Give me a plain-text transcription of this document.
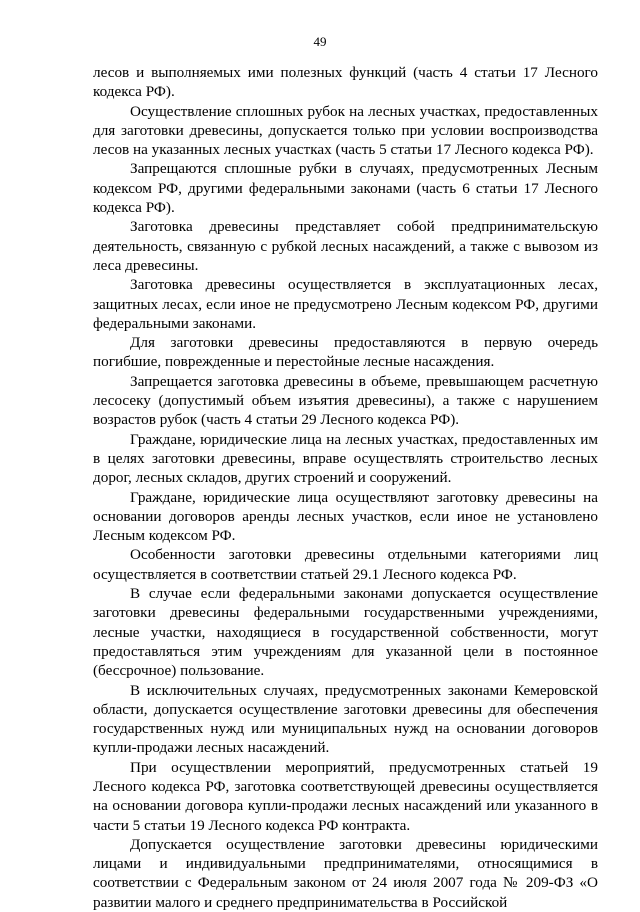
49

лесов и выполняемых ими полезных функций (часть 4 статьи 17 Лесного кодекса РФ).

Осуществление сплошных рубок на лесных участках, предоставленных для заготовки древесины, допускается только при условии воспроизводства лесов на указанных лесных участках (часть 5 статьи 17 Лесного кодекса РФ).

Запрещаются сплошные рубки в случаях, предусмотренных Лесным кодексом РФ, другими федеральными законами (часть 6 статьи 17 Лесного кодекса РФ).

Заготовка древесины представляет собой предпринимательскую деятельность, связанную с рубкой лесных насаждений, а также с вывозом из леса древесины.

Заготовка древесины осуществляется в эксплуатационных лесах, защитных лесах, если иное не предусмотрено Лесным кодексом РФ, другими федеральными законами.

Для заготовки древесины предоставляются в первую очередь погибшие, поврежденные и перестойные лесные насаждения.

Запрещается заготовка древесины в объеме, превышающем расчетную лесосеку (допустимый объем изъятия древесины), а также с нарушением возрастов рубок (часть 4 статьи 29 Лесного кодекса РФ).

Граждане, юридические лица на лесных участках, предоставленных им в целях заготовки древесины, вправе осуществлять строительство лесных дорог, лесных складов, других строений и сооружений.

Граждане, юридические лица осуществляют заготовку древесины на основании договоров аренды лесных участков, если иное не установлено Лесным кодексом РФ.

Особенности заготовки древесины отдельными категориями лиц осуществляется в соответствии статьей 29.1 Лесного кодекса РФ.

В случае если федеральными законами допускается осуществление заготовки древесины федеральными государственными учреждениями, лесные участки, находящиеся в государственной собственности, могут предоставляться этим учреждениям для указанной цели в постоянное (бессрочное) пользование.

В исключительных случаях, предусмотренных законами Кемеровской области, допускается осуществление заготовки древесины для обеспечения государственных нужд или муниципальных нужд на основании договоров купли-продажи лесных насаждений.

При осуществлении мероприятий, предусмотренных статьей 19 Лесного кодекса РФ, заготовка соответствующей древесины осуществляется на основании договора купли-продажи лесных насаждений или указанного в части 5 статьи 19 Лесного кодекса РФ контракта.

Допускается осуществление заготовки древесины юридическими лицами и индивидуальными предпринимателями, относящимися в соответствии с Федеральным законом от 24 июля 2007 года № 209-ФЗ «О развитии малого и среднего предпринимательства в Российской
